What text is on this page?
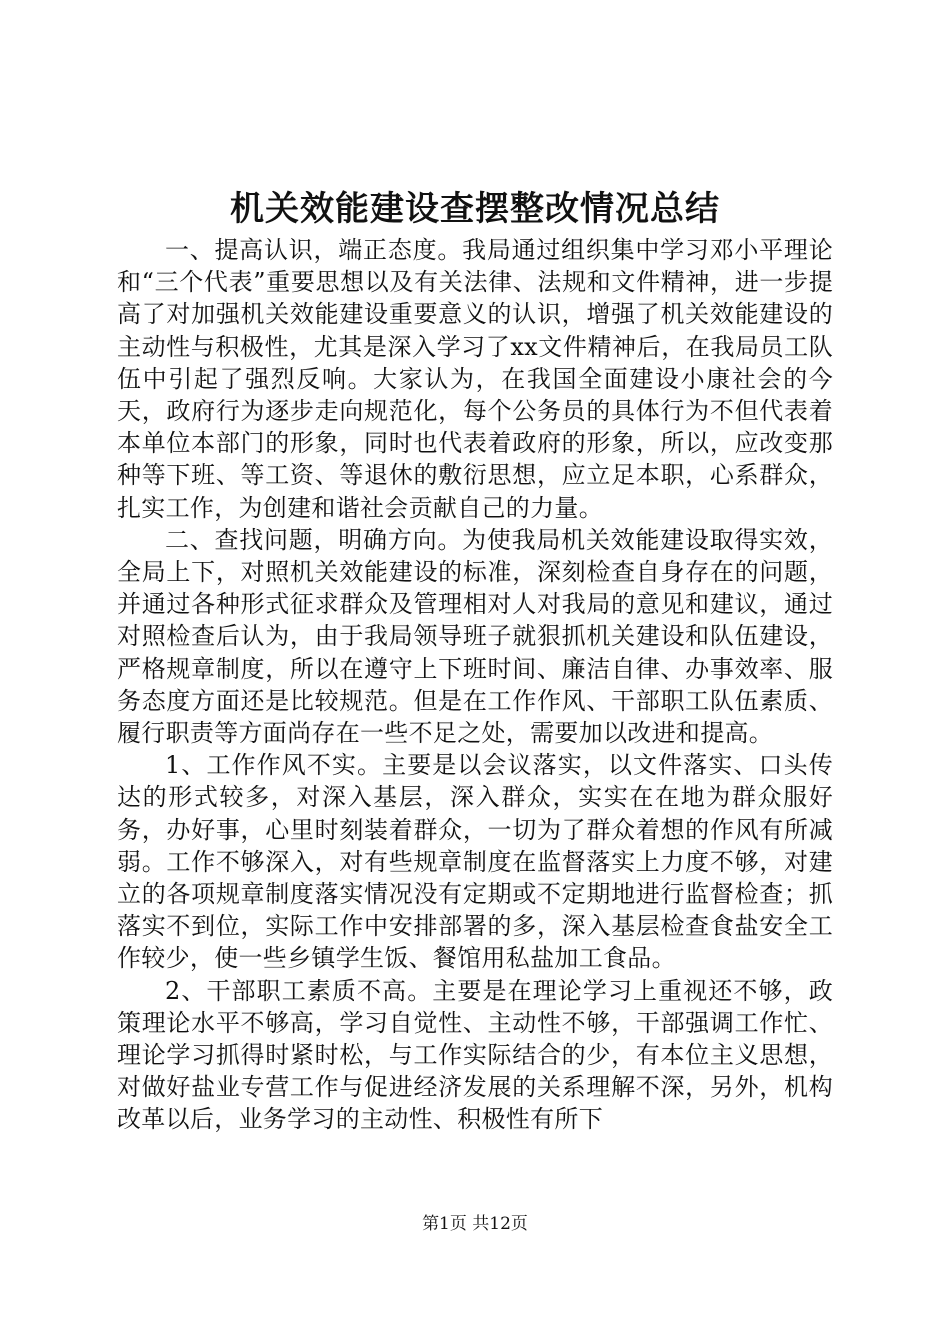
机关效能建设查摆整改情况总结

一、提高认识，端正态度。我局通过组织集中学习邓小平理论和“三个代表”重要思想以及有关法律、法规和文件精神，进一步提高了对加强机关效能建设重要意义的认识，增强了机关效能建设的主动性与积极性，尤其是深入学习了xx文件精神后，在我局员工队伍中引起了强烈反响。大家认为，在我国全面建设小康社会的今天，政府行为逐步走向规范化，每个公务员的具体行为不但代表着本单位本部门的形象，同时也代表着政府的形象，所以，应改变那种等下班、等工资、等退休的敷衍思想，应立足本职，心系群众，扎实工作，为创建和谐社会贡献自己的力量。

二、查找问题，明确方向。为使我局机关效能建设取得实效，全局上下，对照机关效能建设的标准，深刻检查自身存在的问题，并通过各种形式征求群众及管理相对人对我局的意见和建议，通过对照检查后认为，由于我局领导班子就狠抓机关建设和队伍建设，严格规章制度，所以在遵守上下班时间、廉洁自律、办事效率、服务态度方面还是比较规范。但是在工作作风、干部职工队伍素质、履行职责等方面尚存在一些不足之处，需要加以改进和提高。

1、工作作风不实。主要是以会议落实，以文件落实、口头传达的形式较多，对深入基层，深入群众，实实在在地为群众服好务，办好事，心里时刻装着群众，一切为了群众着想的作风有所减弱。工作不够深入，对有些规章制度在监督落实上力度不够，对建立的各项规章制度落实情况没有定期或不定期地进行监督检查；抓落实不到位，实际工作中安排部署的多，深入基层检查食盐安全工作较少，使一些乡镇学生饭、餐馆用私盐加工食品。

2、干部职工素质不高。主要是在理论学习上重视还不够，政策理论水平不够高，学习自觉性、主动性不够，干部强调工作忙、理论学习抓得时紧时松，与工作实际结合的少，有本位主义思想，对做好盐业专营工作与促进经济发展的关系理解不深，另外，机构改革以后，业务学习的主动性、积极性有所下

第1页 共12页
